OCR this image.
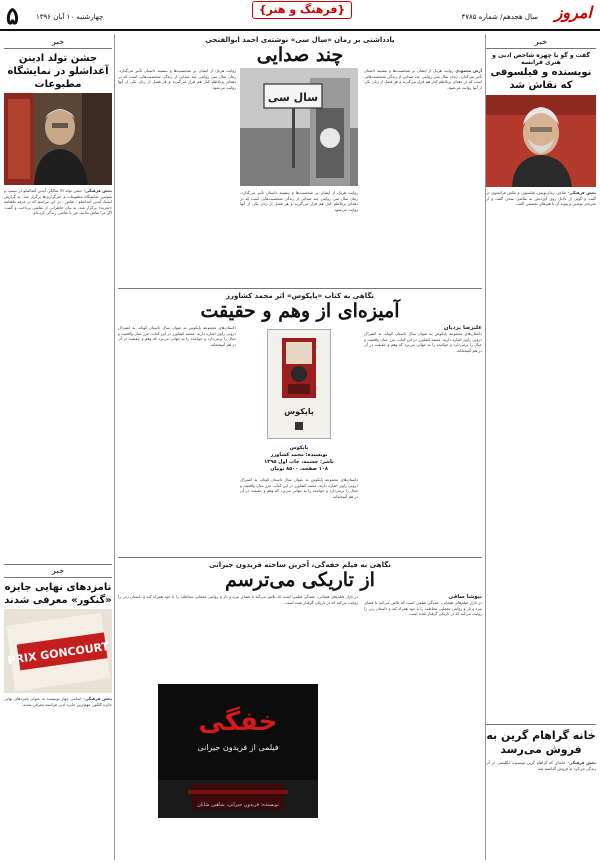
۵ چهارشنبه ۱۰ آبان ۱۳۹۶
{فرهنگ و هنر}
سال هجدهم/ شماره ۴۷۸۵	امروز
خبر
جشن تولد ادینن آغداشلو در نمایشگاه مطبوعات
بخش فرهنگی- جشن تولد ۷۷ سالگی آیدین آغداشلو در بیست و سومین نمایشگاه مطبوعات و خبرگزاری‌ها برگزار شد. به گزارش ایسنا، آیدین آغداشلو - نقاش - در این مراسم که در غرفه ماهنامه «تجربه» برگزار شد، به بیان خاطراتی از نقاشی پرداخت و گفت: اگر مرا نقاش بدانید، من با نقاشی زندگی کرده‌ام.
خبر
نامزدهای نهایی جایزه «گنکور» معرفی شدند
PRIX GONCOURT
بخش فرهنگی- اسامی چهار نویسنده به عنوان نامزدهای نهایی جایزه گنکور، مهم‌ترین جایزه ادبی فرانسه معرفی شدند.
خبر
گفت و گو با چهره شاخص ادبی و هنری فرانسه
نویسنده و فیلسوفی که نقاش شد
بخش فرهنگی- شاعر، رمان‌نویس، فیلسوف و نقاش فرانسوی در گفت و گویی از دلایل روی آوردنش به نقاشی سخن گفت و از تجربه‌ی نوشتن و پیوند آن با هنرهای تجسمی گفت.
خانه گراهام گرین به فروش می‌رسد
بخش فرهنگی- خانه‌ای که گراهام گرین نویسنده انگلیسی در آن زندگی می‌کرد به فروش گذاشته شد.
یادداشتی بر رمان «سال سی» نوشته‌ی احمد ابوالفتحی
چند صدایی
آرش محمودی روایت هریک از ایشان بر شخصیت‌ها و بیشینه داستان تأثیر می‌گذارد. رمان سال سی روایتی چند صدایی از زندگی شخصیت‌هایی است که در دهه‌ای پرتلاطم کنار هم قرار می‌گیرند و هر فصل از زبان یکی از آنها روایت می‌شود.
سال سی
روایت هریک از ایشان بر شخصیت‌ها و بیشینه داستان تأثیر می‌گذارد. رمان سال سی روایتی چند صدایی از زندگی شخصیت‌هایی است که در دهه‌ای پرتلاطم کنار هم قرار می‌گیرند و هر فصل از زبان یکی از آنها روایت می‌شود.
روایت هریک از ایشان بر شخصیت‌ها و بیشینه داستان تأثیر می‌گذارد. رمان سال سی روایتی چند صدایی از زندگی شخصیت‌هایی است که در دهه‌ای پرتلاطم کنار هم قرار می‌گیرند و هر فصل از زبان یکی از آنها روایت می‌شود.
نگاهی به کتاب «پاپکوس» اثر محمد کشاورز
آمیزه‌ای از وهم و حقیقت
علیرضا یزدیان
داستان‌های مجموعه پاپکوس به عنوان سال داستان کوتاه، به اشتراک درونی راوی اشاره دارند. محمد کشاورز در این کتاب، مرز میان واقعیت و خیال را برمی‌دارد و خواننده را به جهانی می‌برد که وهم و حقیقت در آن در هم آمیخته‌اند.
پاپکوس
پاپکوس
نویسنده: محمد کشاورز
ناشر: چشمه، چاپ اول ۱۳۹۵
۱۰۸ صفحه، ۸۵۰۰ تومان
داستان‌های مجموعه پاپکوس به عنوان سال داستان کوتاه، به اشتراک درونی راوی اشاره دارند. محمد کشاورز در این کتاب، مرز میان واقعیت و خیال را برمی‌دارد و خواننده را به جهانی می‌برد که وهم و حقیقت در آن در هم آمیخته‌اند.
داستان‌های مجموعه پاپکوس به عنوان سال داستان کوتاه، به اشتراک درونی راوی اشاره دارند. محمد کشاورز در این کتاب، مرز میان واقعیت و خیال را برمی‌دارد و خواننده را به جهانی می‌برد که وهم و حقیقت در آن در هم آمیخته‌اند.
نگاهی به فیلم خفه‌گی، آخرین ساخته فریدون جیرانی
از تاریکی می‌ترسم
نیوشا ساقی
در بازار فیلم‌های هیجانی، خفه‌گی فیلمی است که تلاش می‌کند با فضای تیره و تار و روایتی معمایی مخاطب را با خود همراه کند و داستان زنی را روایت می‌کند که در تاریکی گرفتار شده است.
در بازار فیلم‌های هیجانی، خفه‌گی فیلمی است که تلاش می‌کند با فضای تیره و تار و روایتی معمایی مخاطب را با خود همراه کند و داستان زنی را روایت می‌کند که در تاریکی گرفتار شده است.
خفگی
فیلمی از فریدون جیرانی
نویسنده: فریدون جیرانی، شاهین شایان
